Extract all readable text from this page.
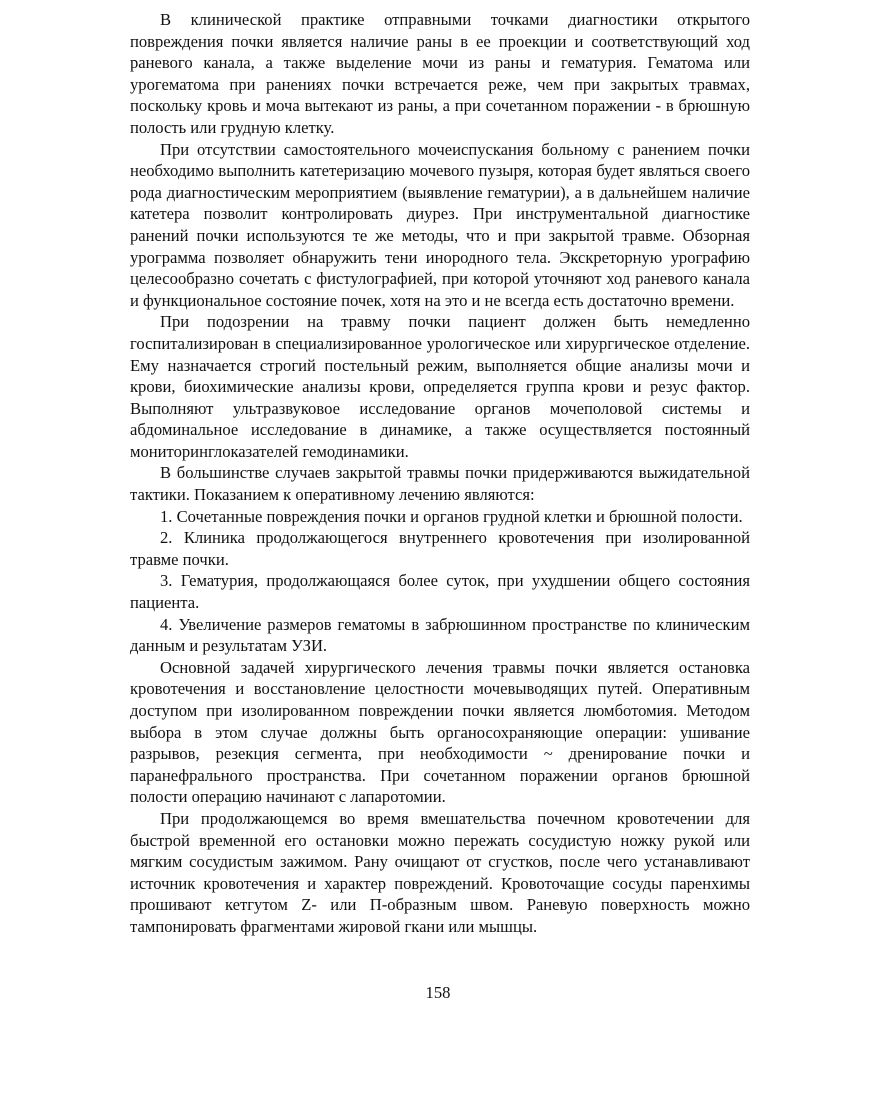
В клинической практике отправными точками диагностики открытого повреждения почки является наличие раны в ее проекции и соответствующий ход раневого канала, а также выделение мочи из раны и гематурия. Гематома или урогематома при ранениях почки встречается реже, чем при закрытых травмах, поскольку кровь и моча вытекают из раны, а при сочетанном поражении - в брюшную полость или грудную клетку.

При отсутствии самостоятельного мочеиспускания больному с ранением почки необходимо выполнить катетеризацию мочевого пузыря, которая будет являться своего рода диагностическим мероприятием (выявление гематурии), а в дальнейшем наличие катетера позволит контролировать диурез. При инструментальной диагностике ранений почки используются те же методы, что и при закрытой травме. Обзорная урограмма позволяет обнаружить тени инородного тела. Экскреторную урографию целесообразно сочетать с фистулографией, при которой уточняют ход раневого канала и функциональное состояние почек, хотя на это и не всегда есть достаточно времени.

При подозрении на травму почки пациент должен быть немедленно госпитализирован в специализированное урологическое или хирургическое отделение. Ему назначается строгий постельный режим, выполняется общие анализы мочи и крови, биохимические анализы крови, определяется группа крови и резус фактор. Выполняют ультразвуковое исследование органов мочеполовой системы и абдоминальное исследование в динамике, а также осуществляется постоянный мониторинглоказателей гемодинамики.

В большинстве случаев закрытой травмы почки придерживаются выжидательной тактики. Показанием к оперативному лечению являются:

1. Сочетанные повреждения почки и органов грудной клетки и брюшной полости.

2. Клиника продолжающегося внутреннего кровотечения при изолированной травме почки.

3. Гематурия, продолжающаяся более суток, при ухудшении общего состояния пациента.

4. Увеличение размеров гематомы в забрюшинном пространстве по клиническим данным и результатам УЗИ.

Основной задачей хирургического лечения травмы почки является остановка кровотечения и восстановление целостности мочевыводящих путей. Оперативным доступом при изолированном повреждении почки является люмботомия. Методом выбора в этом случае должны быть органосохраняющие операции: ушивание разрывов, резекция сегмента, при необходимости ~ дренирование почки и паранефрального пространства. При сочетанном поражении органов брюшной полости операцию начинают с лапаротомии.

При продолжающемся во время вмешательства почечном кровотечении для быстрой временной его остановки можно пережать сосудистую ножку рукой или мягким сосудистым зажимом. Рану очищают от сгустков, после чего устанавливают источник кровотечения и характер повреждений. Кровоточащие сосуды паренхимы прошивают кетгутом Z- или П-образным швом. Раневую поверхность можно тампонировать фрагментами жировой гкани или мышцы.

158
